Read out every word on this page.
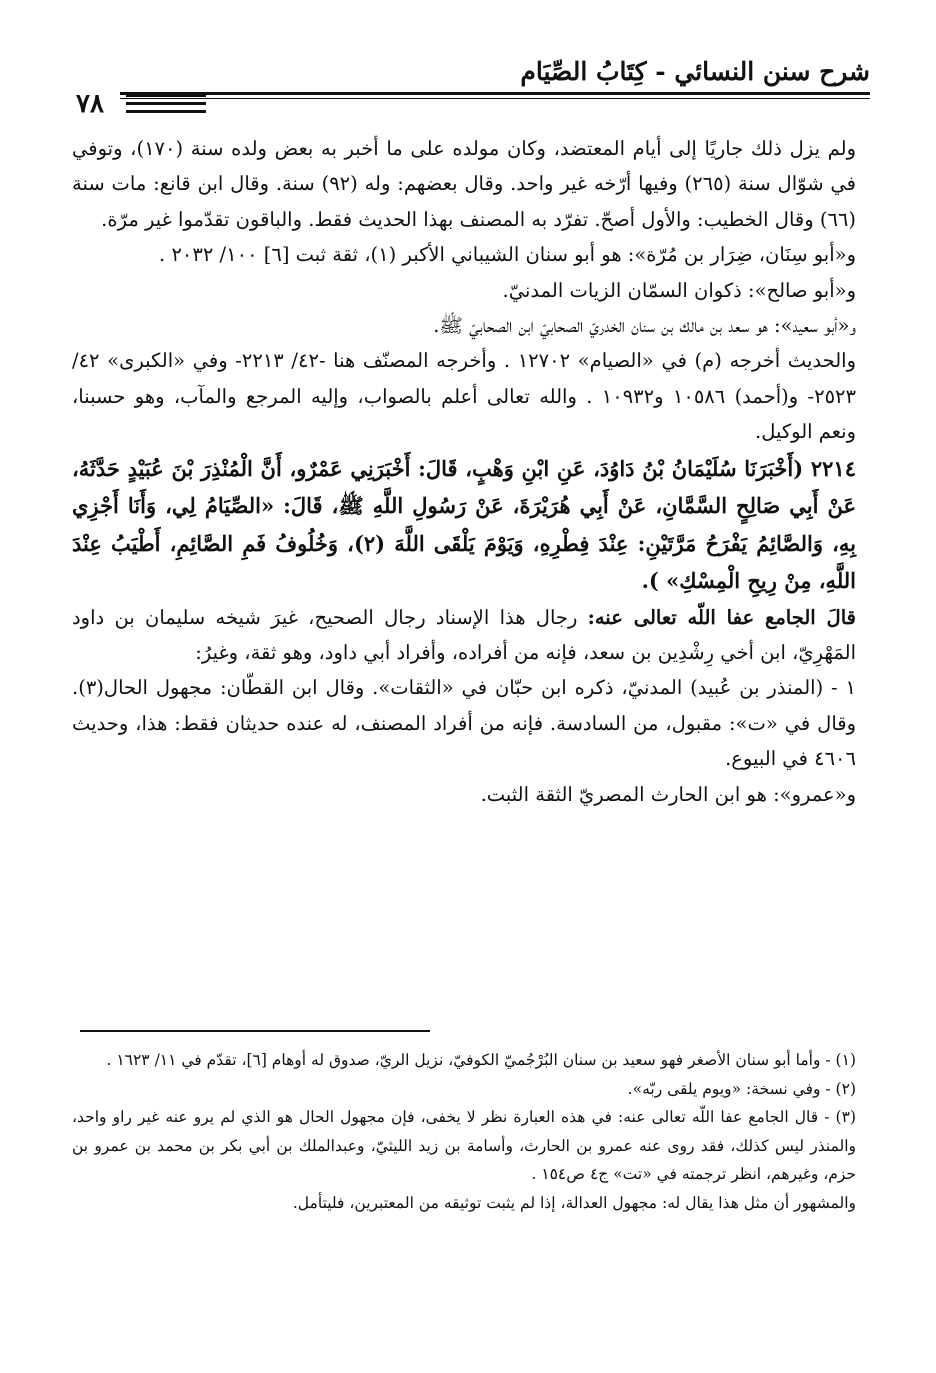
شرح سنن النسائي - كِتَابُ الصِّيَام
٧٨

ولم يزل ذلك جاريًا إلى أيام المعتضد، وكان مولده على ما أخبر به بعض ولده سنة (١٧٠)، وتوفي في شوّال سنة (٢٦٥) وفيها أرّخه غير واحد. وقال بعضهم: وله (٩٢) سنة. وقال ابن قانع: مات سنة (٦٦) وقال الخطيب: والأول أصحّ. تفرّد به المصنف بهذا الحديث فقط. والباقون تقدّموا غير مرّة.

و«أبو سِنَان، ضِرَار بن مُرّة»: هو أبو سنان الشيباني الأكبر (١)، ثقة ثبت [٦] ١٠٠/ ٢٠٣٢ .

و«أبو صالح»: ذكوان السمّان الزيات المدنيّ.

و«أبو سعيد»: هو سعد بن مالك بن سنان الخدريّ الصحابيّ ابن الصحابيّ ﷺ.

والحديث أخرجه (م) في «الصيام» ١٢٧٠٢ . وأخرجه المصنّف هنا -٤٢/ ٢٢١٣- وفي «الكبرى» ٤٢/ ٢٥٢٣- و(أحمد) ١٠٥٨٦ و١٠٩٣٢ . والله تعالى أعلم بالصواب، وإليه المرجع والمآب، وهو حسبنا، ونعم الوكيل.

٢٢١٤ (أَخْبَرَنَا سُلَيْمَانُ بْنُ دَاوُدَ، عَنِ ابْنِ وَهْبٍ، قَالَ: أَخْبَرَنِي عَمْرٌو، أَنَّ الْمُنْذِرَ بْنَ عُبَيْدٍ حَدَّثَهُ، عَنْ أَبِي صَالِحٍ السَّمَّانِ، عَنْ أَبِي هُرَيْرَةَ، عَنْ رَسُولِ اللَّهِ ﷺ، قَالَ: «الصِّيَامُ لِي، وَأَنَا أَجْزِي بِهِ، وَالصَّائِمُ يَفْرَحُ مَرَّتَيْنِ: عِنْدَ فِطْرِهِ، وَيَوْمَ يَلْقَى اللَّهَ (٢)، وَخُلُوفُ فَمِ الصَّائِمِ، أَطْيَبُ عِنْدَ اللَّهِ، مِنْ رِيحِ الْمِسْكِ» ).

قالَ الجامع عفا اللّه تعالى عنه: رجال هذا الإسناد رجال الصحيح، غيرَ شيخه سليمان بن داود المَهْرِيّ، ابن أخي رِشْدِين بن سعد، فإنه من أفراده، وأفراد أبي داود، وهو ثقة، وغيرُ:

١ - (المنذر بن عُبيد) المدنيّ، ذكره ابن حبّان في «الثقات». وقال ابن القطّان: مجهول الحال(٣). وقال في «ت»: مقبول، من السادسة. فإنه من أفراد المصنف، له عنده حديثان فقط: هذا، وحديث ٤٦٠٦ في البيوع.

و«عمرو»: هو ابن الحارث المصريّ الثقة الثبت.

(١) - وأما أبو سنان الأصغر فهو سعيد بن سنان البُرْجُميّ الكوفيّ، نزيل الريّ، صدوق له أوهام [٦]، تقدّم في ١١/ ١٦٢٣ .

(٢) - وفي نسخة: «ويوم يلقى ربّه».

(٣) - قال الجامع عفا اللّه تعالى عنه: في هذه العبارة نظر لا يخفى، فإن مجهول الحال هو الذي لم يرو عنه غير راو واحد، والمنذر ليس كذلك، فقد روى عنه عمرو بن الحارث، وأسامة بن زيد الليثيّ، وعبدالملك بن أبي بكر بن محمد بن عمرو بن حزم، وغيرهم، انظر ترجمته في «تت» ج٤ ص١٥٤ .

والمشهور أن مثل هذا يقال له: مجهول العدالة، إذا لم يثبت توثيقه من المعتبرين، فليتأمل.
